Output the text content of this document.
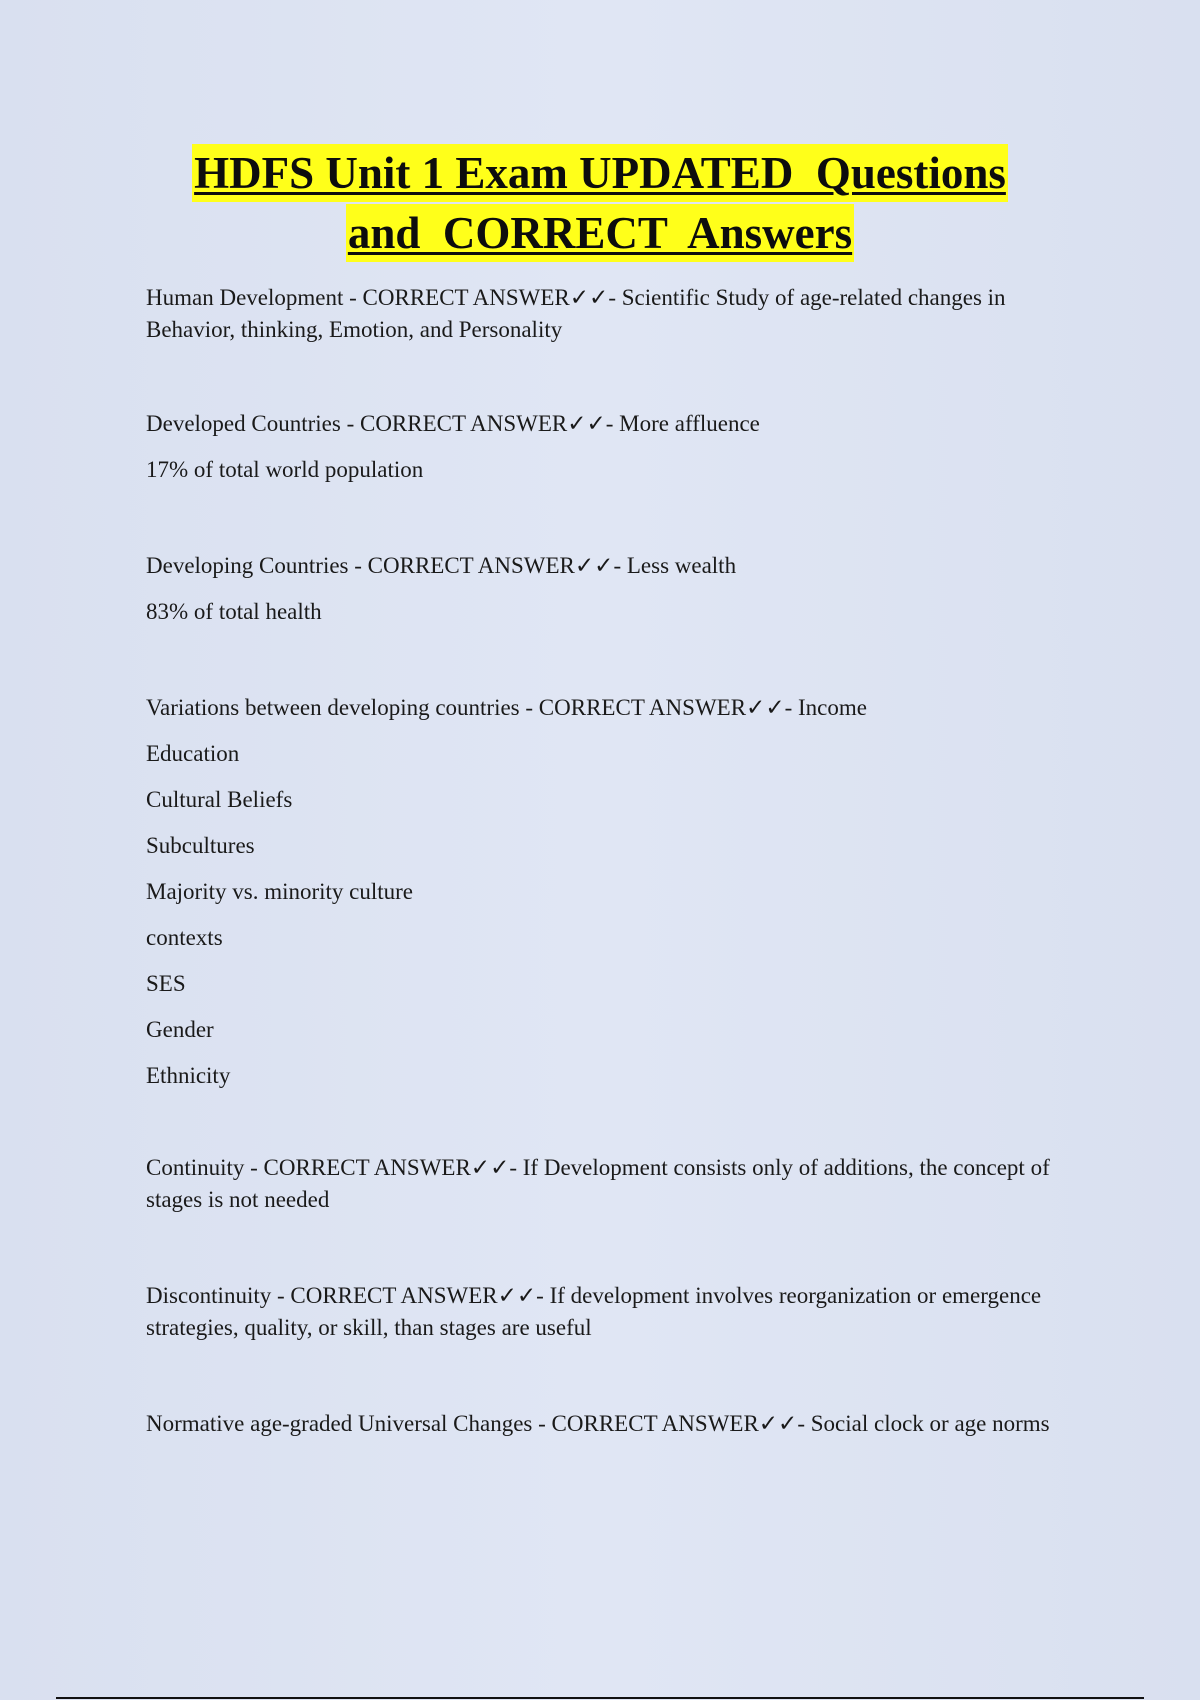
HDFS Unit 1 Exam UPDATED  Questions
and  CORRECT  Answers

Human Development - CORRECT ANSWER✓✓- Scientific Study of age-related changes in Behavior, thinking, Emotion, and Personality

Developed Countries - CORRECT ANSWER✓✓- More affluence

17% of total world population

Developing Countries - CORRECT ANSWER✓✓- Less wealth

83% of total health

Variations between developing countries - CORRECT ANSWER✓✓- Income

Education

Cultural Beliefs

Subcultures

Majority vs. minority culture

contexts

SES

Gender

Ethnicity

Continuity - CORRECT ANSWER✓✓- If Development consists only of additions, the concept of stages is not needed

Discontinuity - CORRECT ANSWER✓✓- If development involves reorganization or emergence strategies, quality, or skill, than stages are useful

Normative age-graded Universal Changes - CORRECT ANSWER✓✓- Social clock or age norms
